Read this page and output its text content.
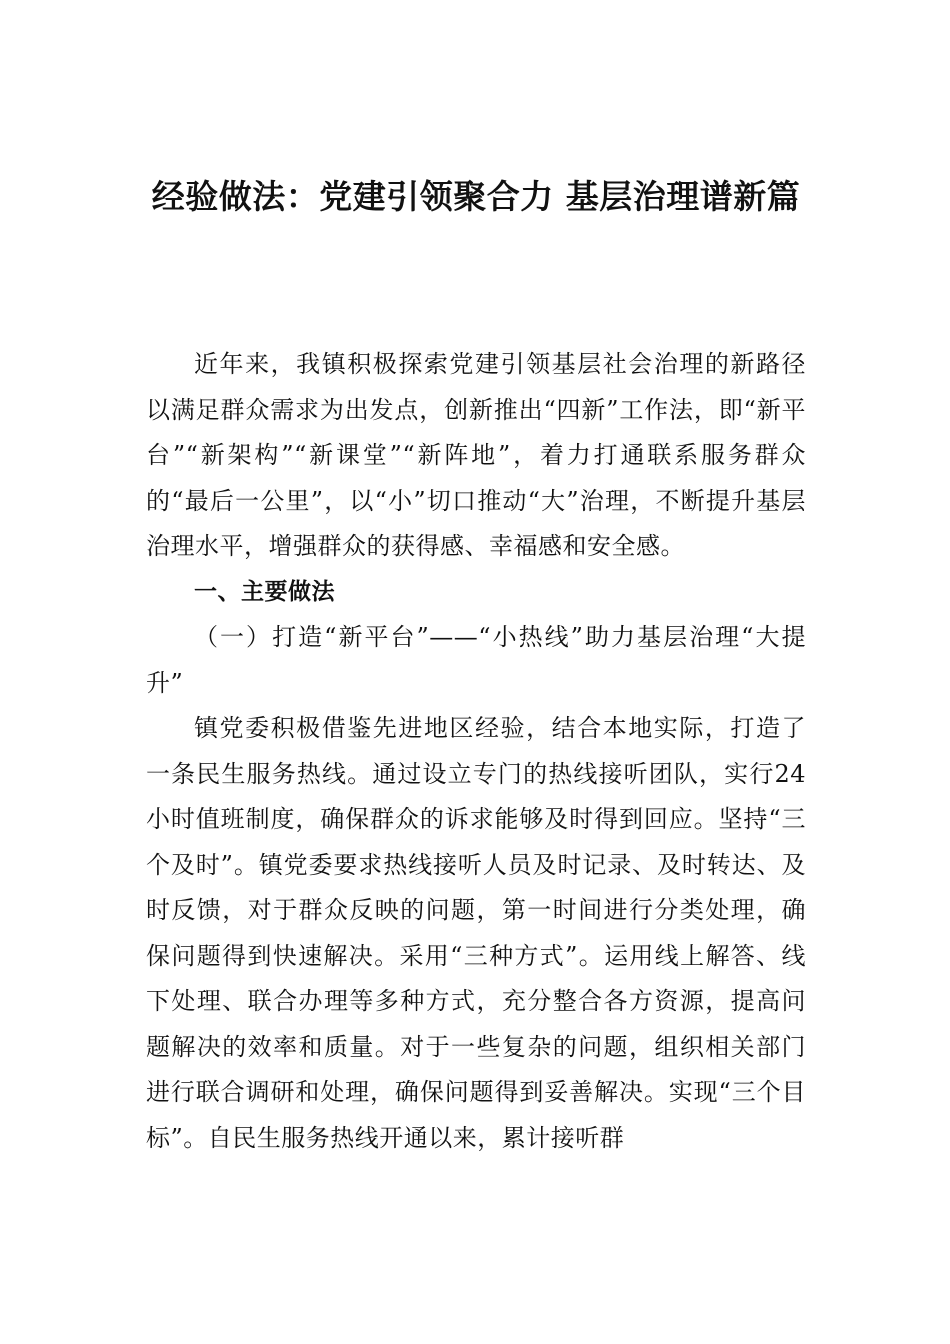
经验做法：党建引领聚合力 基层治理谱新篇

近年来，我镇积极探索党建引领基层社会治理的新路径以满足群众需求为出发点，创新推出“四新”工作法，即“新平台”“新架构”“新课堂”“新阵地”，着力打通联系服务群众的“最后一公里”，以“小”切口推动“大”治理，不断提升基层治理水平，增强群众的获得感、幸福感和安全感。

一、主要做法
（一）打造“新平台”——“小热线”助力基层治理“大提升”

镇党委积极借鉴先进地区经验，结合本地实际，打造了一条民生服务热线。通过设立专门的热线接听团队，实行24小时值班制度，确保群众的诉求能够及时得到回应。坚持“三个及时”。镇党委要求热线接听人员及时记录、及时转达、及时反馈，对于群众反映的问题，第一时间进行分类处理，确保问题得到快速解决。采用“三种方式”。运用线上解答、线下处理、联合办理等多种方式，充分整合各方资源，提高问题解决的效率和质量。对于一些复杂的问题，组织相关部门进行联合调研和处理，确保问题得到妥善解决。实现“三个目标”。自民生服务热线开通以来，累计接听群
